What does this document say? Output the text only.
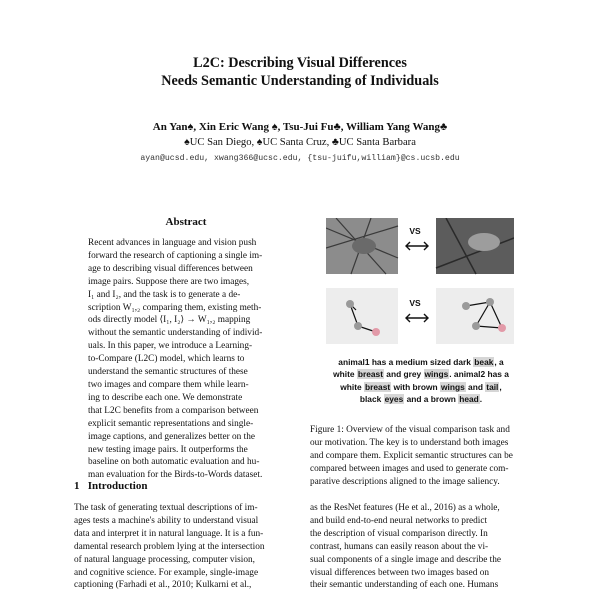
L2C: Describing Visual Differences
Needs Semantic Understanding of Individuals
An Yan♠, Xin Eric Wang ♠, Tsu-Jui Fu♣, William Yang Wang♣
♠UC San Diego, ♠UC Santa Cruz, ♣UC Santa Barbara
ayan@ucsd.edu, xwang366@ucsc.edu, {tsu-juifu,william}@cs.ucsb.edu
Abstract
Recent advances in language and vision push
forward the research of captioning a single im-
age to describing visual differences between
image pairs. Suppose there are two images,
I₁ and I₂, and the task is to generate a de-
scription W₁,₂ comparing them, existing meth-
ods directly model ⟨I₁, I₂⟩ → W₁,₂ mapping
without the semantic understanding of individ-
uals. In this paper, we introduce a Learning-
to-Compare (L2C) model, which learns to
understand the semantic structures of these
two images and compare them while learn-
ing to describe each one. We demonstrate
that L2C benefits from a comparison between
explicit semantic representations and single-
image captions, and generalizes better on the
new testing image pairs. It outperforms the
baseline on both automatic evaluation and hu-
man evaluation for the Birds-to-Words dataset.
1 Introduction
The task of generating textual descriptions of im-
ages tests a machine's ability to understand visual
data and interpret it in natural language. It is a fun-
damental research problem lying at the intersection
of natural language processing, computer vision,
and cognitive science. For example, single-image
captioning (Farhadi et al., 2010; Kulkarni et al.,
as the ResNet features (He et al., 2016) as a whole,
and build end-to-end neural networks to predict
the description of visual comparison directly. In
contrast, humans can easily reason about the vi-
sual components of a single image and describe the
visual differences between two images based on
their semantic understanding of each one. Humans
VS
VS
animal1 has a medium sized dark beak, a
white breast and grey wings. animal2 has a
white breast with brown wings and tail,
black eyes and a brown head.
Figure 1: Overview of the visual comparison task and
our motivation. The key is to understand both images
and compare them. Explicit semantic structures can be
compared between images and used to generate com-
parative descriptions aligned to the image saliency.
